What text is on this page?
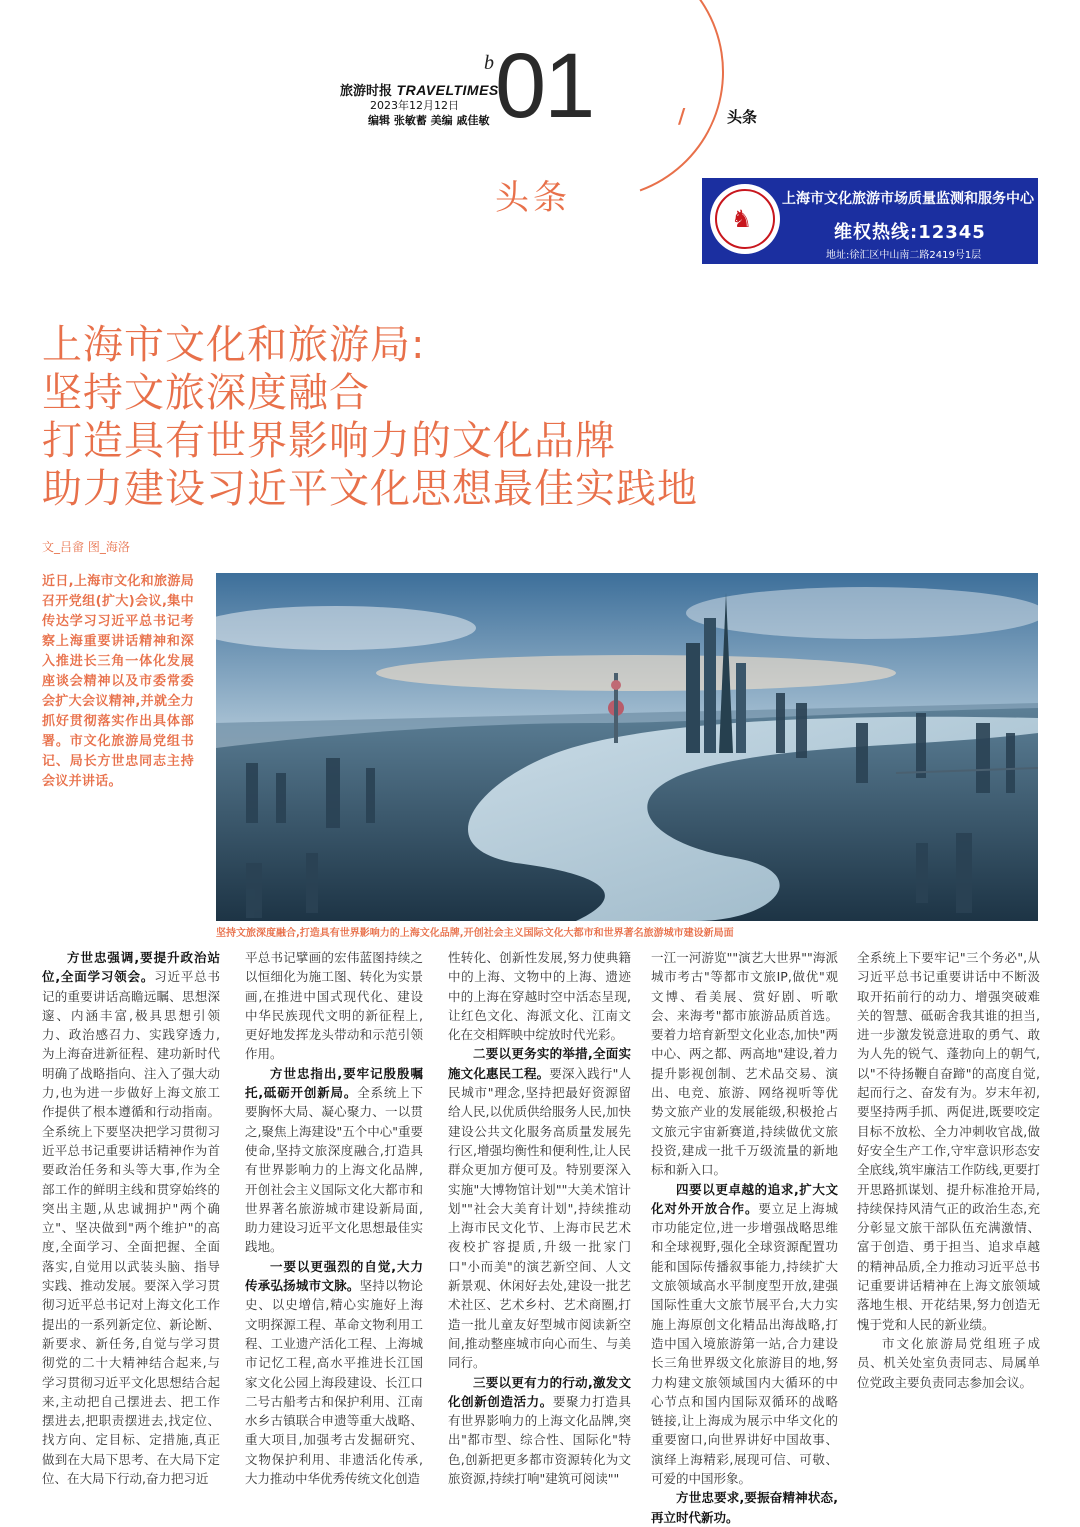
旅游时报 TRAVELTIMES
2023年12月12日
编辑 张敏蓄 美编 戚佳敏
b 01	/	头条
头条
♞
上海市文化旅游市场质量监测和服务中心
维权热线:12345
地址:徐汇区中山南二路2419号1层
上海市文化和旅游局:
坚持文旅深度融合
打造具有世界影响力的文化品牌
助力建设习近平文化思想最佳实践地
文_吕畲 图_海洛
近日,上海市文化和旅游局召开党组(扩大)会议,集中传达学习习近平总书记考察上海重要讲话精神和深入推进长三角一体化发展座谈会精神以及市委常委会扩大会议精神,并就全力抓好贯彻落实作出具体部署。市文化旅游局党组书记、局长方世忠同志主持会议并讲话。
坚持文旅深度融合,打造具有世界影响力的上海文化品牌,开创社会主义国际文化大都市和世界著名旅游城市建设新局面

方世忠强调,要提升政治站位,全面学习领会。习近平总书记的重要讲话高瞻远瞩、思想深邃、内涵丰富,极具思想引领力、政治感召力、实践穿透力,为上海奋进新征程、建功新时代明确了战略指向、注入了强大动力,也为进一步做好上海文旅工作提供了根本遵循和行动指南。全系统上下要坚决把学习贯彻习近平总书记重要讲话精神作为首要政治任务和头等大事,作为全部工作的鲜明主线和贯穿始终的突出主题,从忠诚拥护"两个确立"、坚决做到"两个维护"的高度,全面学习、全面把握、全面落实,自觉用以武装头脑、指导实践、推动发展。要深入学习贯彻习近平总书记对上海文化工作提出的一系列新定位、新论断、新要求、新任务,自觉与学习贯彻党的二十大精神结合起来,与学习贯彻习近平文化思想结合起来,主动把自己摆进去、把工作摆进去,把职责摆进去,找定位、找方向、定目标、定措施,真正做到在大局下思考、在大局下定位、在大局下行动,奋力把习近

平总书记擘画的宏伟蓝图持续之以恒细化为施工图、转化为实景画,在推进中国式现代化、建设中华民族现代文明的新征程上,更好地发挥龙头带动和示范引领作用。

方世忠指出,要牢记殷殷嘱托,砥砺开创新局。全系统上下要胸怀大局、凝心聚力、一以贯之,聚焦上海建设"五个中心"重要使命,坚持文旅深度融合,打造具有世界影响力的上海文化品牌,开创社会主义国际文化大都市和世界著名旅游城市建设新局面,助力建设习近平文化思想最佳实践地。

一要以更强烈的自觉,大力传承弘扬城市文脉。坚持以物论史、以史增信,精心实施好上海文明探源工程、革命文物利用工程、工业遗产活化工程、上海城市记忆工程,高水平推进长江国家文化公园上海段建设、长江口二号古船考古和保护利用、江南水乡古镇联合申遗等重大战略、重大项目,加强考古发掘研究、文物保护利用、非遗活化传承,大力推动中华优秀传统文化创造

性转化、创新性发展,努力使典籍中的上海、文物中的上海、遗迹中的上海在穿越时空中活态呈现,让红色文化、海派文化、江南文化在交相辉映中绽放时代光彩。

二要以更务实的举措,全面实施文化惠民工程。要深入践行"人民城市"理念,坚持把最好资源留给人民,以优质供给服务人民,加快建设公共文化服务高质量发展先行区,增强均衡性和便利性,让人民群众更加方便可及。特别要深入实施"大博物馆计划""大美术馆计划""社会大美育计划",持续推动上海市民文化节、上海市民艺术夜校扩容提质,升级一批家门口"小而美"的演艺新空间、人文新景观、休闲好去处,建设一批艺术社区、艺术乡村、艺术商圈,打造一批儿童友好型城市阅读新空间,推动整座城市向心而生、与美同行。

三要以更有力的行动,激发文化创新创造活力。要聚力打造具有世界影响力的上海文化品牌,突出"都市型、综合性、国际化"特色,创新把更多都市资源转化为文旅资源,持续打响"建筑可阅读""

一江一河游览""演艺大世界""海派城市考古"等都市文旅IP,做优"观文博、看美展、赏好剧、听歌会、来海考"都市旅游品质首选。要着力培育新型文化业态,加快"两中心、两之都、两高地"建设,着力提升影视创制、艺术品交易、演出、电竞、旅游、网络视听等优势文旅产业的发展能级,积极抢占文旅元宇宙新赛道,持续做优文旅投资,建成一批千万级流量的新地标和新入口。

四要以更卓越的追求,扩大文化对外开放合作。要立足上海城市功能定位,进一步增强战略思维和全球视野,强化全球资源配置功能和国际传播叙事能力,持续扩大文旅领域高水平制度型开放,建强国际性重大文旅节展平台,大力实施上海原创文化精品出海战略,打造中国入境旅游第一站,合力建设长三角世界级文化旅游目的地,努力构建文旅领域国内大循环的中心节点和国内国际双循环的战略链接,让上海成为展示中华文化的重要窗口,向世界讲好中国故事、演绎上海精彩,展现可信、可敬、可爱的中国形象。

方世忠要求,要振奋精神状态,再立时代新功。

全系统上下要牢记"三个务必",从习近平总书记重要讲话中不断汲取开拓前行的动力、增强突破难关的智慧、砥砺舍我其谁的担当,进一步激发锐意进取的勇气、敢为人先的锐气、蓬勃向上的朝气,以"不待扬鞭自奋蹄"的高度自觉,起而行之、奋发有为。岁末年初,要坚持两手抓、两促进,既要咬定目标不放松、全力冲刺收官战,做好安全生产工作,守牢意识形态安全底线,筑牢廉洁工作防线,更要打开思路抓谋划、提升标准抢开局,持续保持风清气正的政治生态,充分彰显文旅干部队伍充满激情、富于创造、勇于担当、追求卓越的精神品质,全力推动习近平总书记重要讲话精神在上海文旅领域落地生根、开花结果,努力创造无愧于党和人民的新业绩。

市文化旅游局党组班子成员、机关处室负责同志、局属单位党政主要负责同志参加会议。
